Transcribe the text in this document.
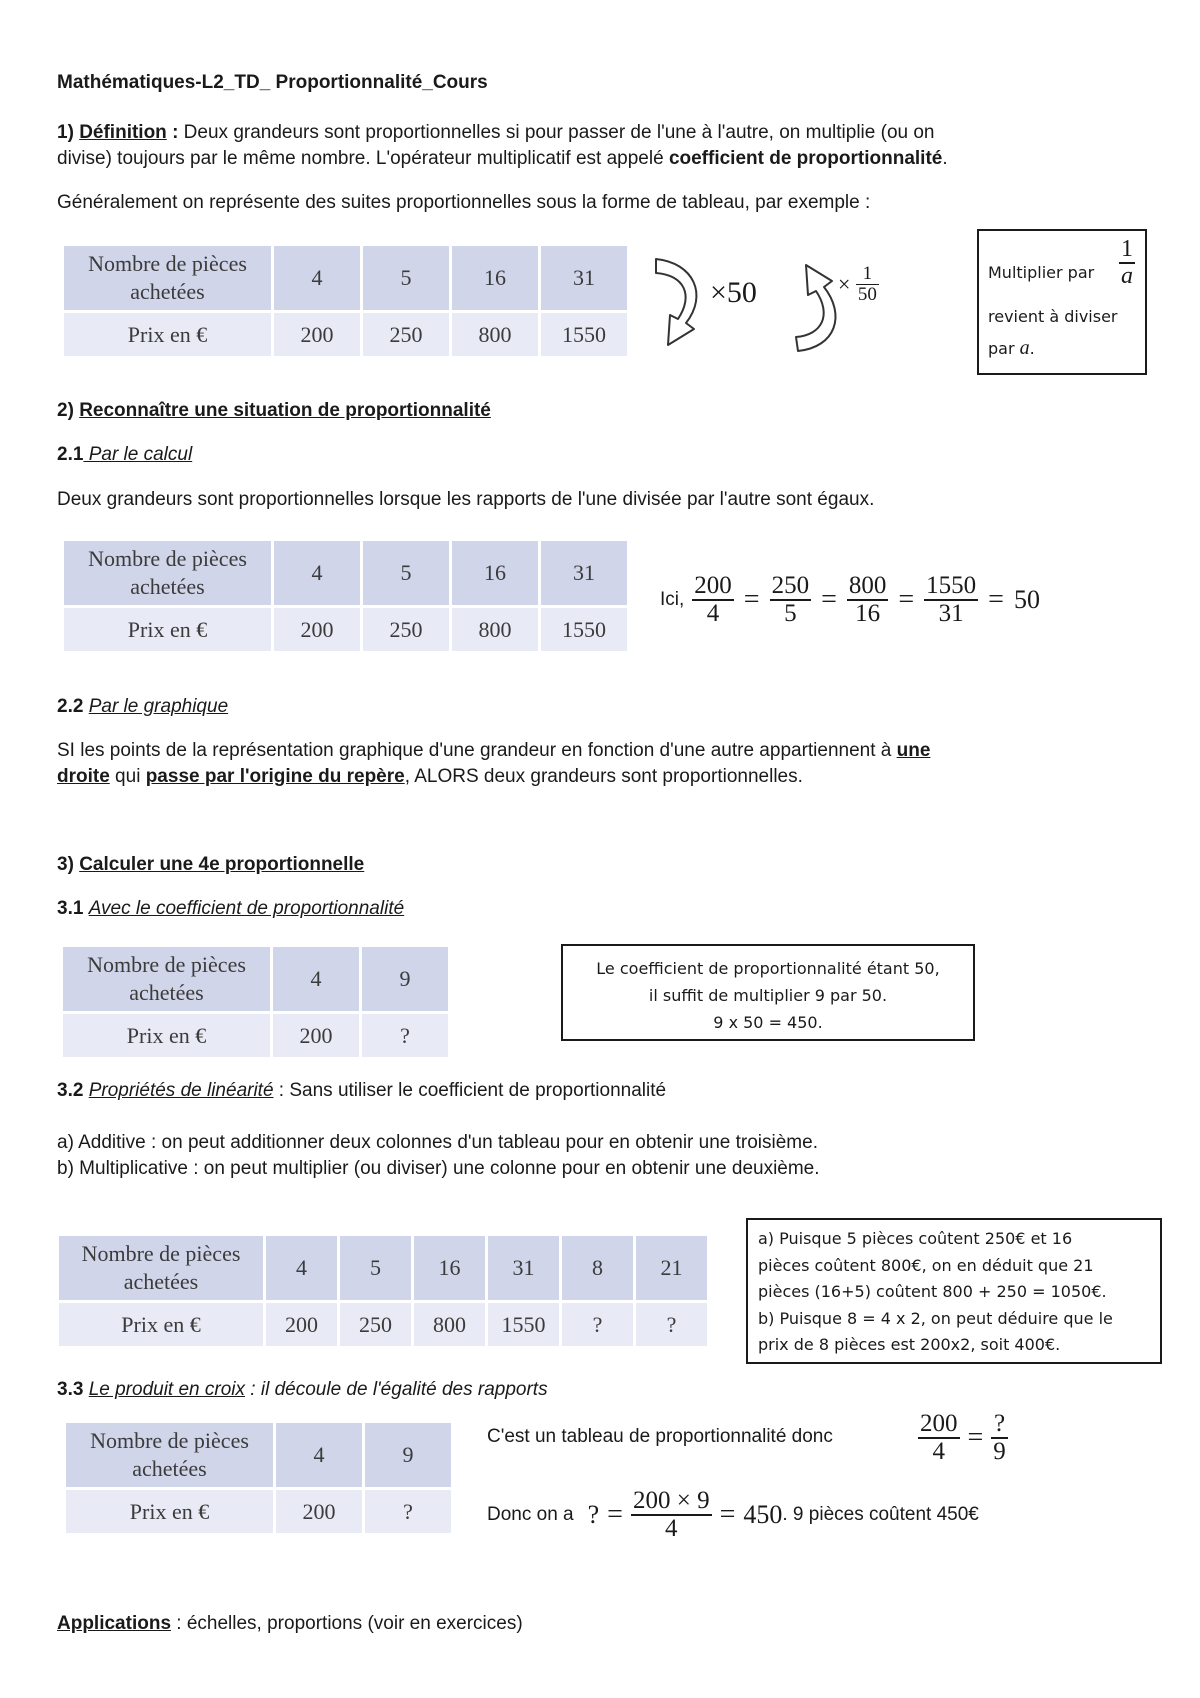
Mathématiques-L2_TD_ Proportionnalité_Cours
1) Définition : Deux grandeurs sont proportionnelles si pour passer de l'une à l'autre, on multiplie (ou on
divise) toujours par le même nombre. L'opérateur multiplicatif est appelé coefficient de proportionnalité.
Généralement on représente des suites proportionnelles sous la forme de tableau, par exemple :
Nombre de pièces achetées	4	5	16	31
Prix en €	200	250	800	1550
×50	× $\frac{1}{50}$	Multiplier par $\frac{1}{a}$
revient à diviser
par a.
2) Reconnaître une situation de proportionnalité
2.1 Par le calcul
Deux grandeurs sont proportionnelles lorsque les rapports de l'une divisée par l'autre sont égaux.
Nombre de pièces achetées	4	5	16	31
Prix en €	200	250	800	1550
Ici, $\frac{200}{4} = \frac{250}{5} = \frac{800}{16} = \frac{1550}{31} = 50$
2.2 Par le graphique
SI les points de la représentation graphique d'une grandeur en fonction d'une autre appartiennent à une
droite qui passe par l'origine du repère, ALORS deux grandeurs sont proportionnelles.
3) Calculer une 4e proportionnelle
3.1 Avec le coefficient de proportionnalité
Nombre de pièces achetées	4	9
Prix en €	200	?
Le coefficient de proportionnalité étant 50,
il suffit de multiplier 9 par 50.
9 x 50 = 450.
3.2 Propriétés de linéarité : Sans utiliser le coefficient de proportionnalité
a) Additive : on peut additionner deux colonnes d'un tableau pour en obtenir une troisième.
b) Multiplicative : on peut multiplier (ou diviser) une colonne pour en obtenir une deuxième.
Nombre de pièces achetées	4	5	16	31	8	21
Prix en €	200	250	800	1550	?	?
a) Puisque 5 pièces coûtent 250€ et 16
pièces coûtent 800€, on en déduit que 21
pièces (16+5) coûtent 800 + 250 = 1050€.
b) Puisque 8 = 4 x 2, on peut déduire que le
prix de 8 pièces est 200x2, soit 400€.
3.3 Le produit en croix : il découle de l'égalité des rapports
Nombre de pièces achetées	4	9
Prix en €	200	?
C'est un tableau de proportionnalité donc	$\frac{200}{4} = \frac{?}{9}$
Donc on a ? = $\frac{200 \times 9}{4} = 450$ . 9 pièces coûtent 450€
Applications : échelles, proportions (voir en exercices)
